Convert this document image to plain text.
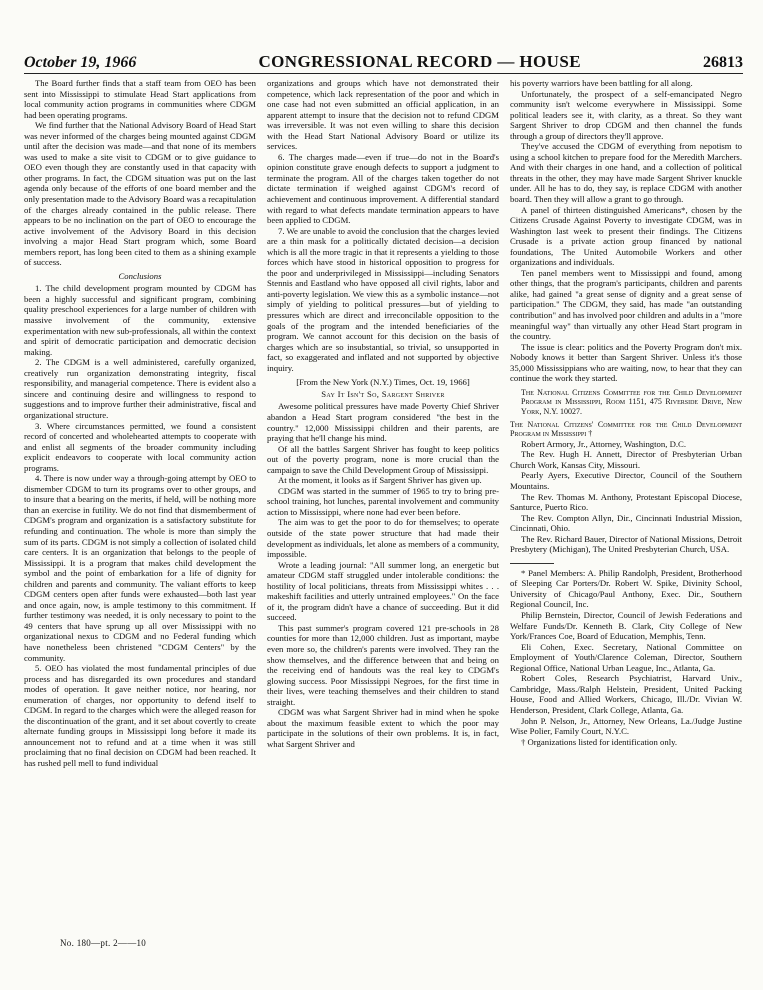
October 19, 1966	CONGRESSIONAL RECORD — HOUSE	26813

The Board further finds that a staff team from OEO has been sent into Mississippi to stimulate Head Start applications from local community action programs in communities where CDGM had been operating programs.

We find further that the National Advisory Board of Head Start was never informed of the charges being mounted against CDGM until after the decision was made—and that none of its members was used to make a site visit to CDGM or to give guidance to OEO even though they are constantly used in that capacity with other programs. In fact, the CDGM situation was put on the last agenda only because of the efforts of one board member and the only presentation made to the Advisory Board was a recapitulation of the charges already contained in the public release. There appears to be no inclination on the part of OEO to encourage the active involvement of the Advisory Board in this decision involving a major Head Start program which, some Board members report, has long been cited to them as a shining example of success.

Conclusions

1. The child development program mounted by CDGM has been a highly successful and significant program, combining quality preschool experiences for a large number of children with massive involvement of the community, extensive experimentation with new sub-professionals, all within the context and spirit of democratic participation and democratic decision making.

2. The CDGM is a well administered, carefully organized, creatively run organization demonstrating integrity, fiscal responsibility, and managerial competence. There is evident also a sincere and continuing desire and willingness to respond to suggestions and to improve further their administrative, fiscal and organizational structure.

3. Where circumstances permitted, we found a consistent record of concerted and wholehearted attempts to cooperate with and enlist all segments of the broader community including explicit endeavors to cooperate with local community action programs.

4. There is now under way a through-going attempt by OEO to dismember CDGM to turn its programs over to other groups, and to insure that a bearing on the merits, if held, will be nothing more than an exercise in futility. We do not find that dismemberment of CDGM's program and organization is a satisfactory substitute for refunding and continuation. The whole is more than simply the sum of its parts. CDGM is not simply a collection of isolated child care centers. It is an organization that belongs to the people of Mississippi. It is a program that makes child development the symbol and the point of embarkation for a life of dignity for children and parents and community. The valiant efforts to keep CDGM centers open after funds were exhausted—both last year and once again, now, is ample testimony to this commitment. If further testimony was needed, it is only necessary to point to the 49 centers that have sprung up all over Mississippi with no organizational nexus to CDGM and no Federal funding which have nonetheless been christened "CDGM Centers" by the community.

5. OEO has violated the most fundamental principles of due process and has disregarded its own procedures and standard modes of operation. It gave neither notice, nor hearing, nor enumeration of charges, nor opportunity to defend itself to CDGM. In regard to the charges which were the alleged reason for the discontinuation of the grant, and it set about covertly to create alternate funding groups in Mississippi long before it made its announcement not to refund and at a time when it was still proclaiming that no final decision on CDGM had been reached. It has rushed pell mell to fund individual

organizations and groups which have not demonstrated their competence, which lack representation of the poor and which in one case had not even submitted an official application, in an apparent attempt to insure that the decision not to refund CDGM was irreversible. It was not even willing to share this decision with the Head Start National Advisory Board or utilize its services.

6. The charges made—even if true—do not in the Board's opinion constitute grave enough defects to support a judgment to terminate the program. All of the charges taken together do not dictate termination if weighed against CDGM's record of achievement and continuous improvement. A differential standard with regard to what defects mandate termination appears to have been applied to CDGM.

7. We are unable to avoid the conclusion that the charges levied are a thin mask for a politically dictated decision—a decision which is all the more tragic in that it represents a yielding to those forces which have stood in historical opposition to progress for the poor and underprivileged in Mississippi—including Senators Stennis and Eastland who have opposed all civil rights, labor and anti-poverty legislation. We view this as a symbolic instance—not simply of yielding to political pressures—but of yielding to pressures which are direct and irreconcilable opposition to the goals of the program and the intended beneficiaries of the program. We cannot account for this decision on the basis of charges which are so insubstantial, so trivial, so unsupported in fact, so exaggerated and inflated and not supported by objective inquiry.

[From the New York (N.Y.) Times, Oct. 19, 1966]

Say It Isn't So, Sargent Shriver

Awesome political pressures have made Poverty Chief Shriver abandon a Head Start program considered "the best in the country." 12,000 Mississippi children and their parents, are praying that he'll change his mind.

Of all the battles Sargent Shriver has fought to keep politics out of the poverty program, none is more crucial than the campaign to save the Child Development Group of Mississippi.

At the moment, it looks as if Sargent Shriver has given up.

CDGM was started in the summer of 1965 to try to bring pre-school training, hot lunches, parental involvement and community action to Mississippi, where none had ever been before.

The aim was to get the poor to do for themselves; to operate outside of the state power structure that had made their development as individuals, let alone as members of a community, impossible.

Wrote a leading journal: "All summer long, an energetic but amateur CDGM staff struggled under intolerable conditions: the hostility of local politicians, threats from Mississippi whites . . . makeshift facilities and utterly untrained employees." On the face of it, the program didn't have a chance of succeeding. But it did succeed.

This past summer's program covered 121 pre-schools in 28 counties for more than 12,000 children. Just as important, maybe even more so, the children's parents were involved. They ran the show themselves, and the difference between that and being on the receiving end of handouts was the real key to CDGM's glowing success. Poor Mississippi Negroes, for the first time in their lives, were teaching themselves and their children to stand straight.

CDGM was what Sargent Shriver had in mind when he spoke about the maximum feasible extent to which the poor may participate in the solutions of their own problems. It is, in fact, what Sargent Shriver and

his poverty warriors have been battling for all along.

Unfortunately, the prospect of a self-emancipated Negro community isn't welcome everywhere in Mississippi. Some political leaders see it, with clarity, as a threat. So they want Sargent Shriver to drop CDGM and then channel the funds through a group of directors they'll approve.

They've accused the CDGM of everything from nepotism to using a school kitchen to prepare food for the Meredith Marchers. And with their charges in one hand, and a collection of political threats in the other, they may have made Sargent Shriver knuckle under. All he has to do, they say, is replace CDGM with another board. Then they will allow a grant to go through.

A panel of thirteen distinguished Americans*, chosen by the Citizens Crusade Against Poverty to investigate CDGM, was in Washington last week to present their findings. The Citizens Crusade is a private action group financed by national foundations, The United Automobile Workers and other organizations and individuals.

Ten panel members went to Mississippi and found, among other things, that the program's participants, children and parents alike, had gained "a great sense of dignity and a great sense of participation." The CDGM, they said, has made "an outstanding contribution" and has involved poor children and adults in a "more meaningful way" than virtually any other Head Start program in the country.

The issue is clear: politics and the Poverty Program don't mix. Nobody knows it better than Sargent Shriver. Unless it's those 35,000 Mississippians who are waiting, now, to hear that they can continue the work they started.

The National Citizens Committee for the Child Development Program in Mississippi, Room 1151, 475 Riverside Drive, New York, N.Y. 10027.

The National Citizens' Committee for the Child Development Program in Mississippi †

Robert Armory, Jr., Attorney, Washington, D.C.

The Rev. Hugh H. Annett, Director of Presbyterian Urban Church Work, Kansas City, Missouri.

Pearly Ayers, Executive Director, Council of the Southern Mountains.

The Rev. Thomas M. Anthony, Protestant Episcopal Diocese, Santurce, Puerto Rico.

The Rev. Compton Allyn, Dir., Cincinnati Industrial Mission, Cincinnati, Ohio.

The Rev. Richard Bauer, Director of National Missions, Detroit Presbytery (Michigan), The United Presbyterian Church, USA.

* Panel Members: A. Philip Randolph, President, Brotherhood of Sleeping Car Porters/Dr. Robert W. Spike, Divinity School, University of Chicago/Paul Anthony, Exec. Dir., Southern Regional Council, Inc.

Philip Bernstein, Director, Council of Jewish Federations and Welfare Funds/Dr. Kenneth B. Clark, City College of New York/Frances Coe, Board of Education, Memphis, Tenn.

Eli Cohen, Exec. Secretary, National Committee on Employment of Youth/Clarence Coleman, Director, Southern Regional Office, National Urban League, Inc., Atlanta, Ga.

Robert Coles, Research Psychiatrist, Harvard Univ., Cambridge, Mass./Ralph Helstein, President, United Packing House, Food and Allied Workers, Chicago, Ill./Dr. Vivian W. Henderson, President, Clark College, Atlanta, Ga.

John P. Nelson, Jr., Attorney, New Orleans, La./Judge Justine Wise Polier, Family Court, N.Y.C.

† Organizations listed for identification only.

No. 180—pt. 2——10
